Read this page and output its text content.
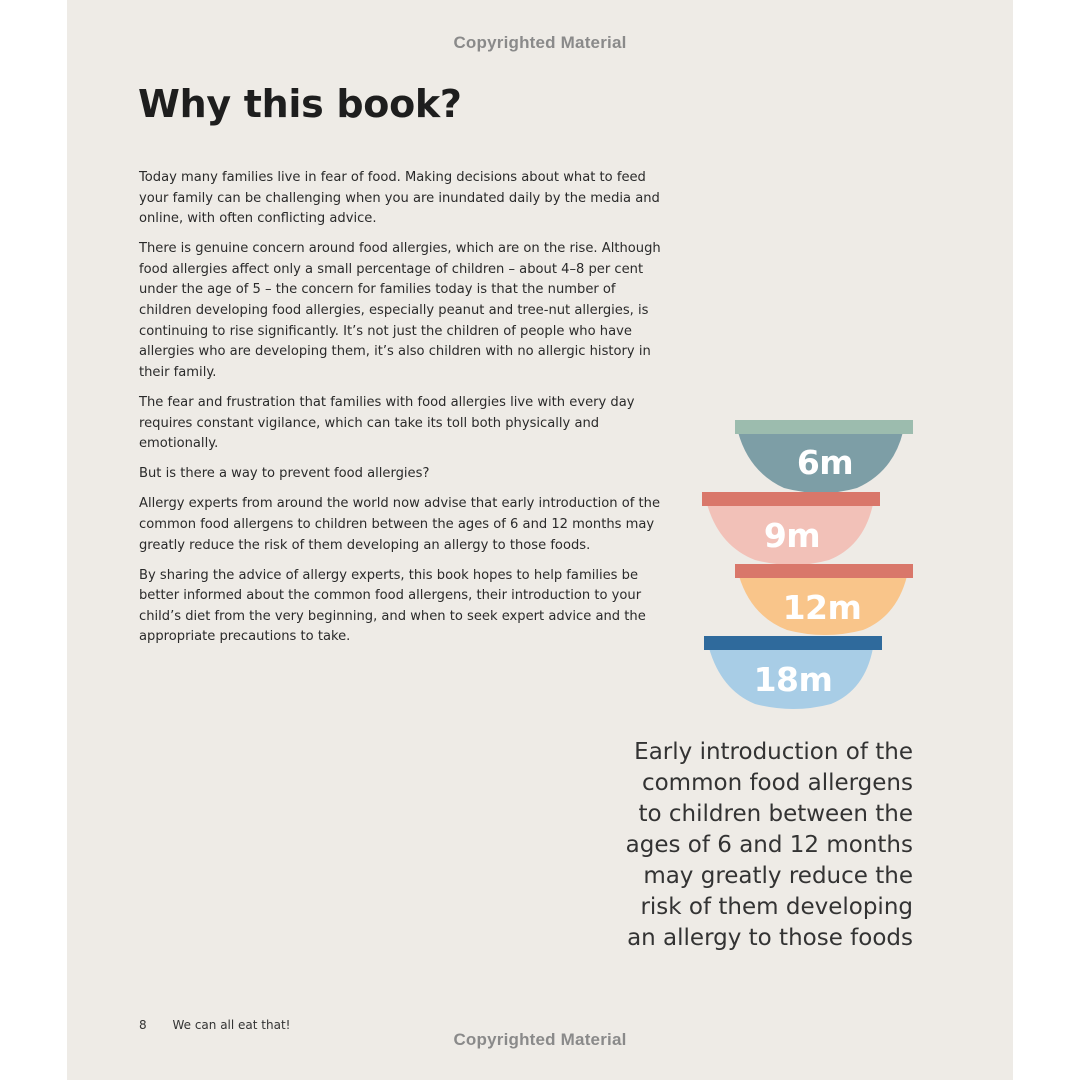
Copyrighted Material
Why this book?

Today many families live in fear of food. Making decisions about what to feed your family can be challenging when you are inundated daily by the media and online, with often conflicting advice.

There is genuine concern around food allergies, which are on the rise. Although food allergies affect only a small percentage of children – about 4–8 per cent under the age of 5 – the concern for families today is that the number of children developing food allergies, especially peanut and tree-nut allergies, is continuing to rise significantly. It’s not just the children of people who have allergies who are developing them, it’s also children with no allergic history in their family.

The fear and frustration that families with food allergies live with every day requires constant vigilance, which can take its toll both physically and emotionally.

But is there a way to prevent food allergies?

Allergy experts from around the world now advise that early introduction of the common food allergens to children between the ages of 6 and 12 months may greatly reduce the risk of them developing an allergy to those foods.

By sharing the advice of allergy experts, this book hopes to help families be better informed about the common food allergens, their introduction to your child’s diet from the very beginning, and when to seek expert advice and the appropriate precautions to take.

6m
9m
12m
18m
Early introduction of the common food allergens to children between the ages of 6 and 12 months may greatly reduce the risk of them developing an allergy to those foods
8 We can all eat that!
Copyrighted Material
